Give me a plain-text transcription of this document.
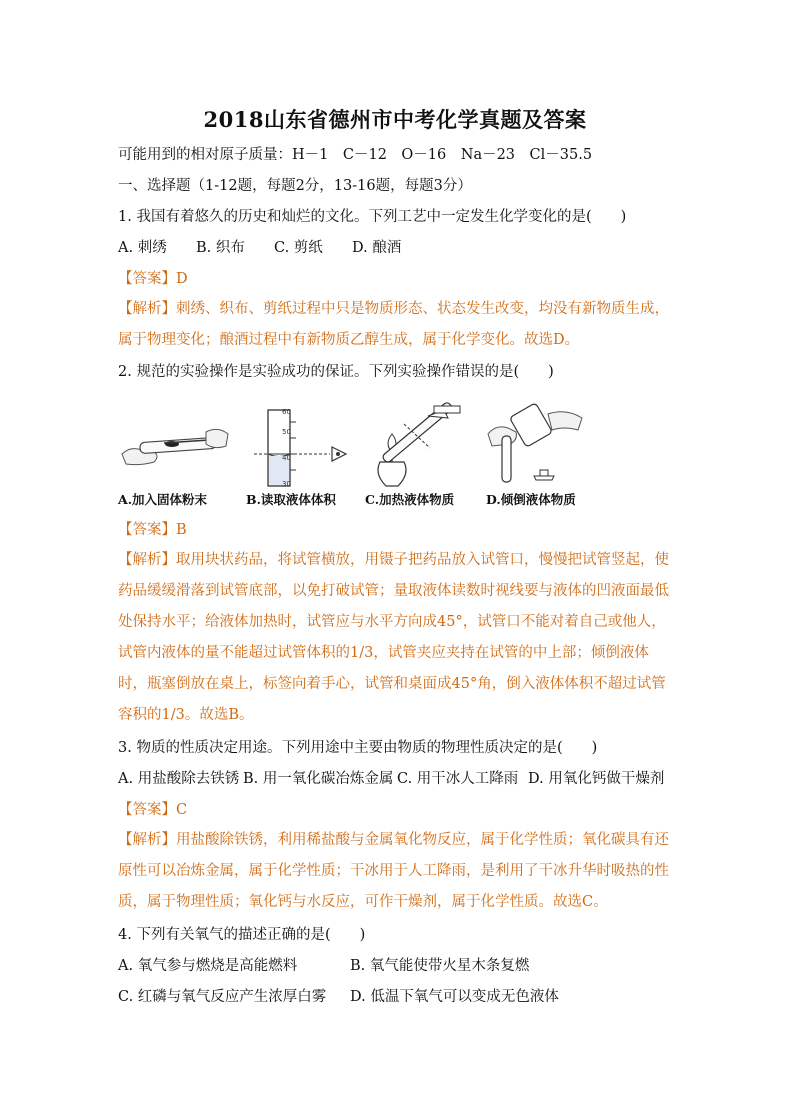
2018山东省德州市中考化学真题及答案
可能用到的相对原子质量：H－1　C－12　O－16　Na－23　Cl－35.5
一、选择题（1-12题，每题2分，13-16题，每题3分）
1. 我国有着悠久的历史和灿烂的文化。下列工艺中一定发生化学变化的是(　　)
A. 刺绣 B. 织布 C. 剪纸 D. 酿酒
【答案】D
【解析】刺绣、织布、剪纸过程中只是物质形态、状态发生改变，均没有新物质生成，属于物理变化；酿酒过程中有新物质乙醇生成，属于化学变化。故选D。
2. 规范的实验操作是实验成功的保证。下列实验操作错误的是(　　)
A.加入固体粉末
60
50
40
30
B.读取液体体积 C.加热液体物质	D.倾倒液体物质
【答案】B
【解析】取用块状药品，将试管横放，用镊子把药品放入试管口，慢慢把试管竖起，使药品缓缓滑落到试管底部，以免打破试管；量取液体读数时视线要与液体的凹液面最低处保持水平；给液体加热时，试管应与水平方向成45°，试管口不能对着自己或他人，试管内液体的量不能超过试管体积的1/3，试管夹应夹持在试管的中上部；倾倒液体时，瓶塞倒放在桌上，标签向着手心，试管和桌面成45°角，倒入液体体积不超过试管容积的1/3。故选B。
3. 物质的性质决定用途。下列用途中主要由物质的物理性质决定的是(　　)
A. 用盐酸除去铁锈 B. 用一氧化碳冶炼金属 C. 用干冰人工降雨 D. 用氧化钙做干燥剂
【答案】C
【解析】用盐酸除铁锈，利用稀盐酸与金属氧化物反应，属于化学性质；氧化碳具有还原性可以冶炼金属，属于化学性质；干冰用于人工降雨，是利用了干冰升华时吸热的性质，属于物理性质；氧化钙与水反应，可作干燥剂，属于化学性质。故选C。
4. 下列有关氧气的描述正确的是(　　)
A. 氧气参与燃烧是高能燃料	B. 氧气能使带火星木条复燃
C. 红磷与氧气反应产生浓厚白雾 D. 低温下氧气可以变成无色液体
